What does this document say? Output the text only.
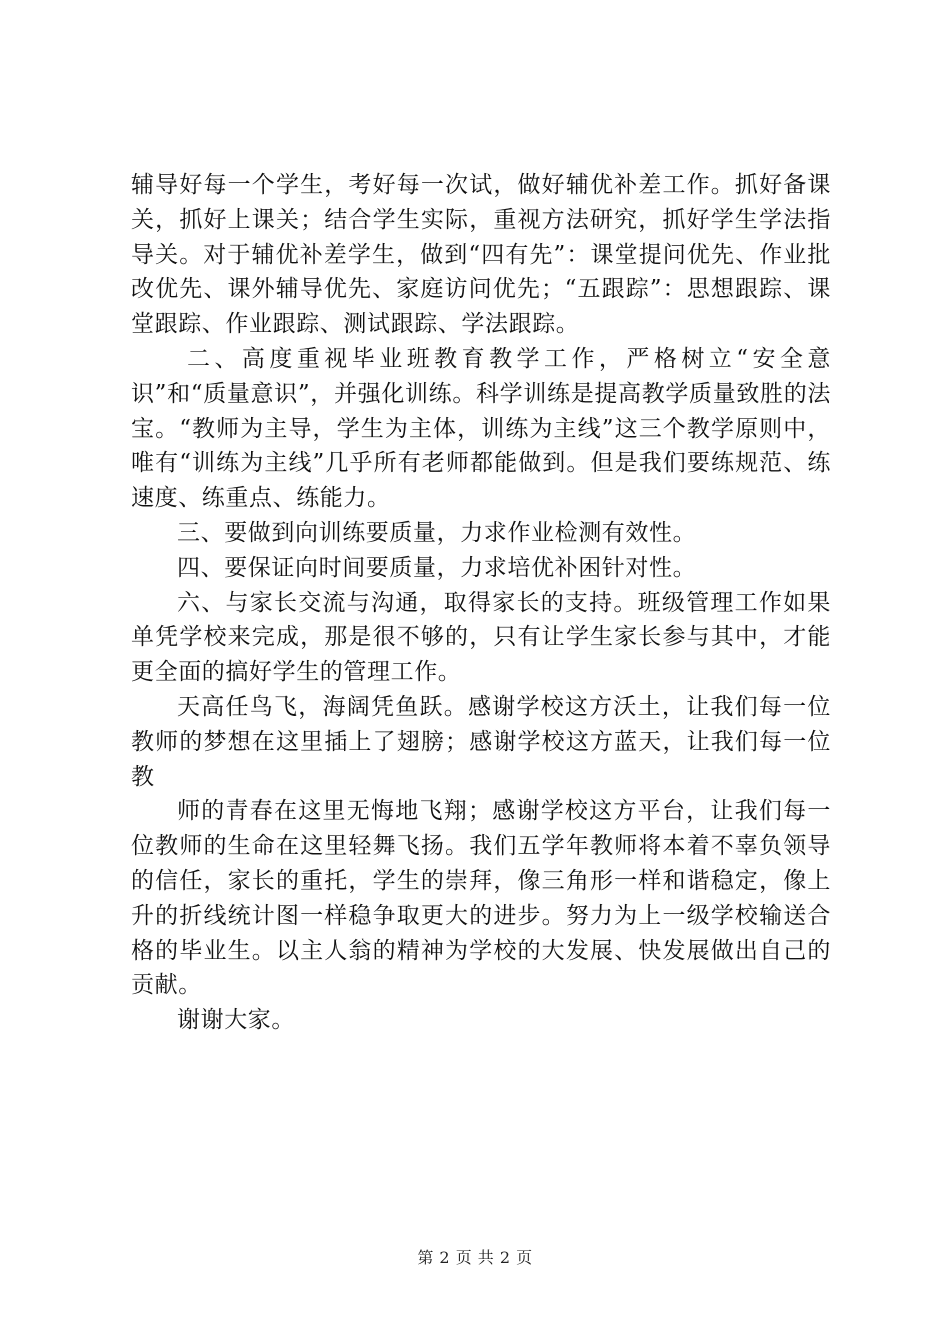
辅导好每一个学生，考好每一次试，做好辅优补差工作。抓好备课关，抓好上课关；结合学生实际，重视方法研究，抓好学生学法指导关。对于辅优补差学生，做到“四有先”：课堂提问优先、作业批改优先、课外辅导优先、家庭访问优先；“五跟踪”：思想跟踪、课堂跟踪、作业跟踪、测试跟踪、学法跟踪。

二、高度重视毕业班教育教学工作，严格树立“安全意识”和“质量意识”，并强化训练。科学训练是提高教学质量致胜的法宝。“教师为主导，学生为主体，训练为主线”这三个教学原则中，唯有“训练为主线”几乎所有老师都能做到。但是我们要练规范、练速度、练重点、练能力。

三、要做到向训练要质量，力求作业检测有效性。

四、要保证向时间要质量，力求培优补困针对性。

六、与家长交流与沟通，取得家长的支持。班级管理工作如果单凭学校来完成，那是很不够的，只有让学生家长参与其中，才能更全面的搞好学生的管理工作。

天高任鸟飞，海阔凭鱼跃。感谢学校这方沃土，让我们每一位教师的梦想在这里插上了翅膀；感谢学校这方蓝天，让我们每一位教

师的青春在这里无悔地飞翔；感谢学校这方平台，让我们每一位教师的生命在这里轻舞飞扬。我们五学年教师将本着不辜负领导的信任，家长的重托，学生的崇拜，像三角形一样和谐稳定，像上升的折线统计图一样稳争取更大的进步。努力为上一级学校输送合格的毕业生。以主人翁的精神为学校的大发展、快发展做出自己的贡献。

谢谢大家。

第 2 页 共 2 页
